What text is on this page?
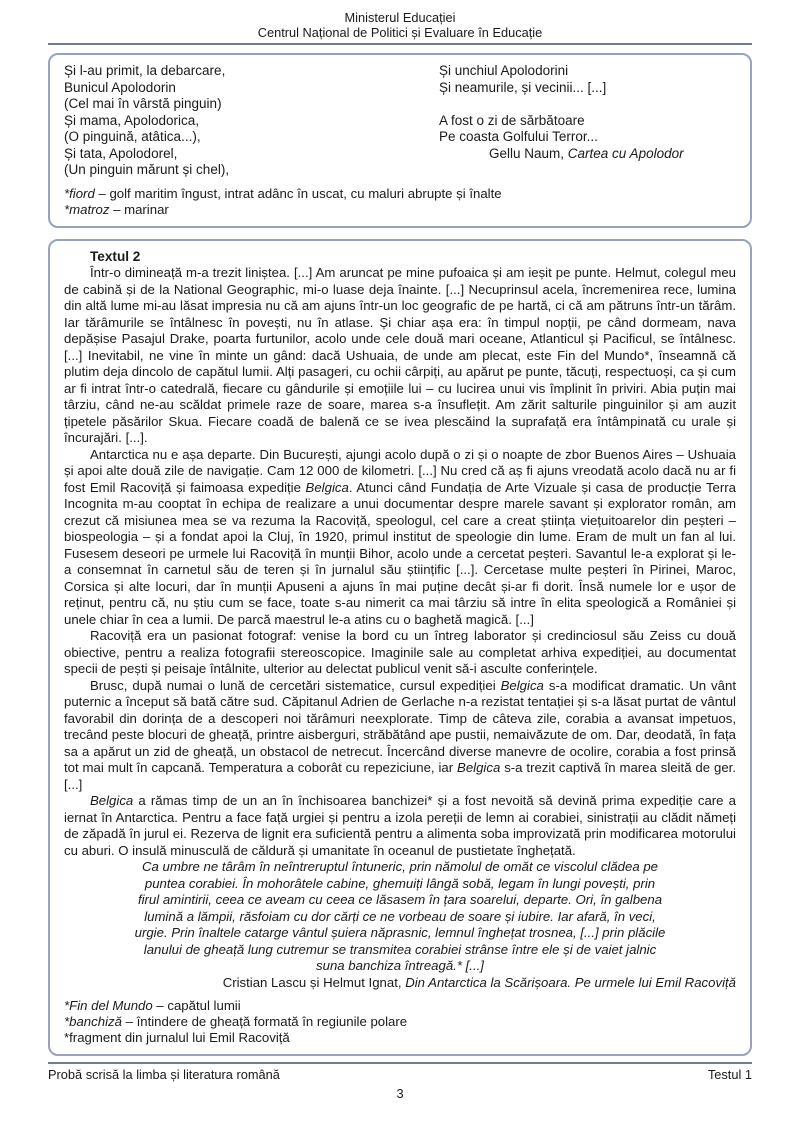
Ministerul Educației
Centrul Național de Politici și Evaluare în Educație
Și l-au primit, la debarcare,
Bunicul Apolodorin
(Cel mai în vârstă pinguin)
Și mama, Apolodorica,
(O pinguină, atâtica...),
Și tata, Apolodorel,
(Un pinguin mărunt și chel),
Și unchiul Apolodorini
Și neamurile, și vecinii... [...]
A fost o zi de sărbătoare
Pe coasta Golfului Terror...
Gellu Naum, Cartea cu Apolodor
*fiord – golf maritim îngust, intrat adânc în uscat, cu maluri abrupte și înalte
*matroz – marinar
Textul 2
Într-o dimineață m-a trezit liniștea. [...] Am aruncat pe mine pufoaica și am ieșit pe punte. Helmut, colegul meu de cabină și de la National Geographic, mi-o luase deja înainte. [...] Necuprinsul acela, încremenirea rece, lumina din altă lume mi-au lăsat impresia nu că am ajuns într-un loc geografic de pe hartă, ci că am pătruns într-un tărâm. Iar tărâmurile se întâlnesc în povești, nu în atlase. Și chiar așa era: în timpul nopții, pe când dormeam, nava depășise Pasajul Drake, poarta furtunilor, acolo unde cele două mari oceane, Atlanticul și Pacificul, se întâlnesc. [...] Inevitabil, ne vine în minte un gând: dacă Ushuaia, de unde am plecat, este Fin del Mundo*, înseamnă că plutim deja dincolo de capătul lumii. Alți pasageri, cu ochii cârpiți, au apărut pe punte, tăcuți, respectuoși, ca și cum ar fi intrat într-o catedrală, fiecare cu gândurile și emoțiile lui – cu lucirea unui vis împlinit în priviri. Abia puțin mai târziu, când ne-au scăldat primele raze de soare, marea s-a însuflețit. Am zărit salturile pinguinilor și am auzit țipetele păsărilor Skua. Fiecare coadă de balenă ce se ivea plescăind la suprafață era întâmpinată cu urale și încurajări. [...].
Antarctica nu e așa departe. Din București, ajungi acolo după o zi și o noapte de zbor Buenos Aires – Ushuaia și apoi alte două zile de navigație. Cam 12 000 de kilometri. [...] Nu cred că aș fi ajuns vreodată acolo dacă nu ar fi fost Emil Racoviță și faimoasa expediție Belgica. Atunci când Fundația de Arte Vizuale și casa de producție Terra Incognita m-au cooptat în echipa de realizare a unui documentar despre marele savant și explorator român, am crezut că misiunea mea se va rezuma la Racoviță, speologul, cel care a creat știința viețuitoarelor din peșteri – biospeologia – și a fondat apoi la Cluj, în 1920, primul institut de speologie din lume. Eram de mult un fan al lui. Fusesem deseori pe urmele lui Racoviță în munții Bihor, acolo unde a cercetat peșteri. Savantul le-a explorat și le-a consemnat în carnetul său de teren și în jurnalul său științific [...]. Cercetase multe peșteri în Pirinei, Maroc, Corsica și alte locuri, dar în munții Apuseni a ajuns în mai puține decât și-ar fi dorit. Însă numele lor e ușor de reținut, pentru că, nu știu cum se face, toate s-au nimerit ca mai târziu să intre în elita speologică a României și unele chiar în cea a lumii. De parcă maestrul le-a atins cu o baghetă magică. [...]
Racoviță era un pasionat fotograf: venise la bord cu un întreg laborator și credinciosul său Zeiss cu două obiective, pentru a realiza fotografii stereoscopice. Imaginile sale au completat arhiva expediției, au documentat specii de pești și peisaje întâlnite, ulterior au delectat publicul venit să-i asculte conferințele.
Brusc, după numai o lună de cercetări sistematice, cursul expediției Belgica s-a modificat dramatic. Un vânt puternic a început să bată către sud. Căpitanul Adrien de Gerlache n-a rezistat tentației și s-a lăsat purtat de vântul favorabil din dorința de a descoperi noi tărâmuri neexplorate. Timp de câteva zile, corabia a avansat impetuos, trecând peste blocuri de gheață, printre aisberguri, străbătând ape pustii, nemaivăzute de om. Dar, deodată, în fața sa a apărut un zid de gheață, un obstacol de netrecut. Încercând diverse manevre de ocolire, corabia a fost prinsă tot mai mult în capcană. Temperatura a coborât cu repeziciune, iar Belgica s-a trezit captivă în marea sleită de ger. [...]
Belgica a rămas timp de un an în închisoarea banchizei* și a fost nevoită să devină prima expediție care a iernat în Antarctica. Pentru a face față urgiei și pentru a izola pereții de lemn ai corabiei, sinistrații au clădit nămeți de zăpadă în jurul ei. Rezerva de lignit era suficientă pentru a alimenta soba improvizată prin modificarea motorului cu aburi. O insulă minusculă de căldură și umanitate în oceanul de pustietate înghețată.
Ca umbre ne târâm în neîntreruptul întuneric, prin nămolul de omăt ce viscolul clădea pe puntea corabiei. În mohorâtele cabine, ghemuiți lângă sobă, legam în lungi povești, prin firul amintirii, ceea ce aveam cu ceea ce lăsasem în țara soarelui, departe. Ori, în galbena lumină a lămpii, răsfoiam cu dor cărți ce ne vorbeau de soare și iubire. Iar afară, în veci, urgie. Prin înaltele catarge vântul șuiera năprasnic, lemnul înghețat trosnea, [...] prin plăcile lanului de gheață lung cutremur se transmitea corabiei strânse între ele și de vaiet jalnic suna banchiza întreagă.* [...]
Cristian Lascu și Helmut Ignat, Din Antarctica la Scărișoara. Pe urmele lui Emil Racoviță
*Fin del Mundo – capătul lumii
*banchiză – întindere de gheață formată în regiunile polare
*fragment din jurnalul lui Emil Racoviță
Probă scrisă la limba și literatura română	Testul 1
3
